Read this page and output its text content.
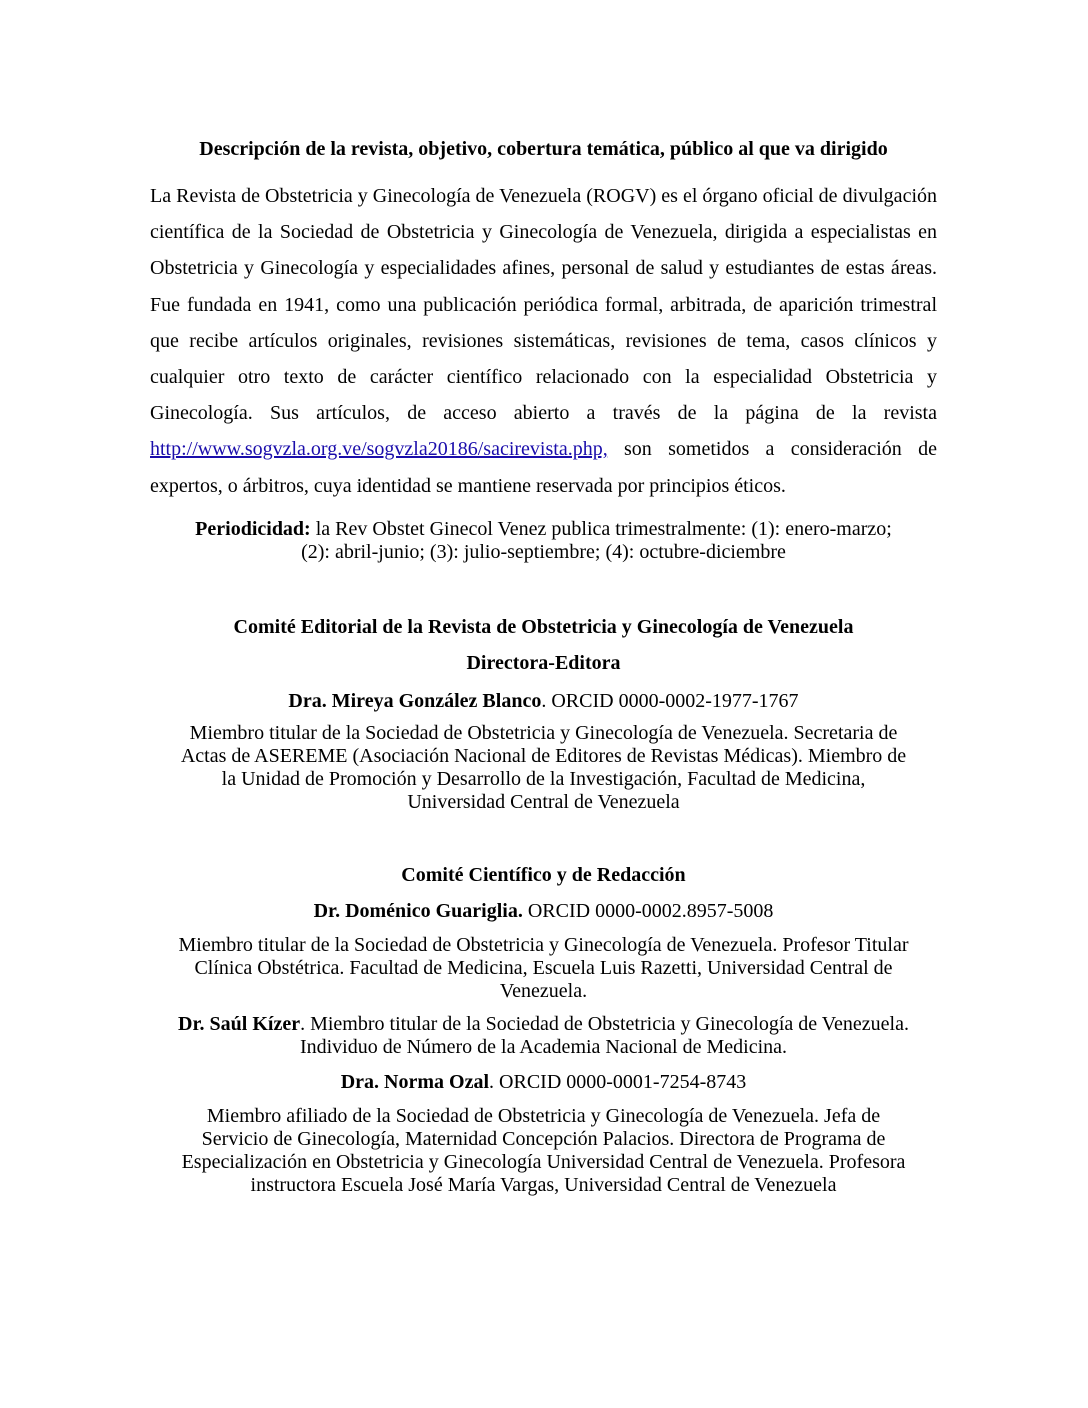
Descripción de la revista, objetivo, cobertura temática, público al que va dirigido

La Revista de Obstetricia y Ginecología de Venezuela (ROGV) es el órgano oficial de divulgación científica de la Sociedad de Obstetricia y Ginecología de Venezuela, dirigida a especialistas en Obstetricia y Ginecología y especialidades afines, personal de salud y estudiantes de estas áreas. Fue fundada en 1941, como una publicación periódica formal, arbitrada, de aparición trimestral que recibe artículos originales, revisiones sistemáticas, revisiones de tema, casos clínicos y cualquier otro texto de carácter científico relacionado con la especialidad Obstetricia y Ginecología. Sus artículos, de acceso abierto a través de la página de la revista http://www.sogvzla.org.ve/sogvzla20186/sacirevista.php, son sometidos a consideración de expertos, o árbitros, cuya identidad se mantiene reservada por principios éticos.

Periodicidad: la Rev Obstet Ginecol Venez publica trimestralmente: (1): enero-marzo;

(2): abril-junio; (3): julio-septiembre; (4): octubre-diciembre

Comité Editorial de la Revista de Obstetricia y Ginecología de Venezuela

Directora-Editora

Dra. Mireya González Blanco. ORCID 0000-0002-1977-1767

Miembro titular de la Sociedad de Obstetricia y Ginecología de Venezuela. Secretaria de

Actas de ASEREME (Asociación Nacional de Editores de Revistas Médicas). Miembro de

la Unidad de Promoción y Desarrollo de la Investigación, Facultad de Medicina,

Universidad Central de Venezuela

Comité Científico y de Redacción

Dr. Doménico Guariglia. ORCID 0000-0002.8957-5008

Miembro titular de la Sociedad de Obstetricia y Ginecología de Venezuela. Profesor Titular

Clínica Obstétrica. Facultad de Medicina, Escuela Luis Razetti, Universidad Central de

Venezuela.

Dr. Saúl Kízer. Miembro titular de la Sociedad de Obstetricia y Ginecología de Venezuela.

Individuo de Número de la Academia Nacional de Medicina.

Dra. Norma Ozal. ORCID 0000-0001-7254-8743

Miembro afiliado de la Sociedad de Obstetricia y Ginecología de Venezuela. Jefa de

Servicio de Ginecología, Maternidad Concepción Palacios. Directora de Programa de

Especialización en Obstetricia y Ginecología Universidad Central de Venezuela. Profesora

instructora Escuela José María Vargas, Universidad Central de Venezuela
